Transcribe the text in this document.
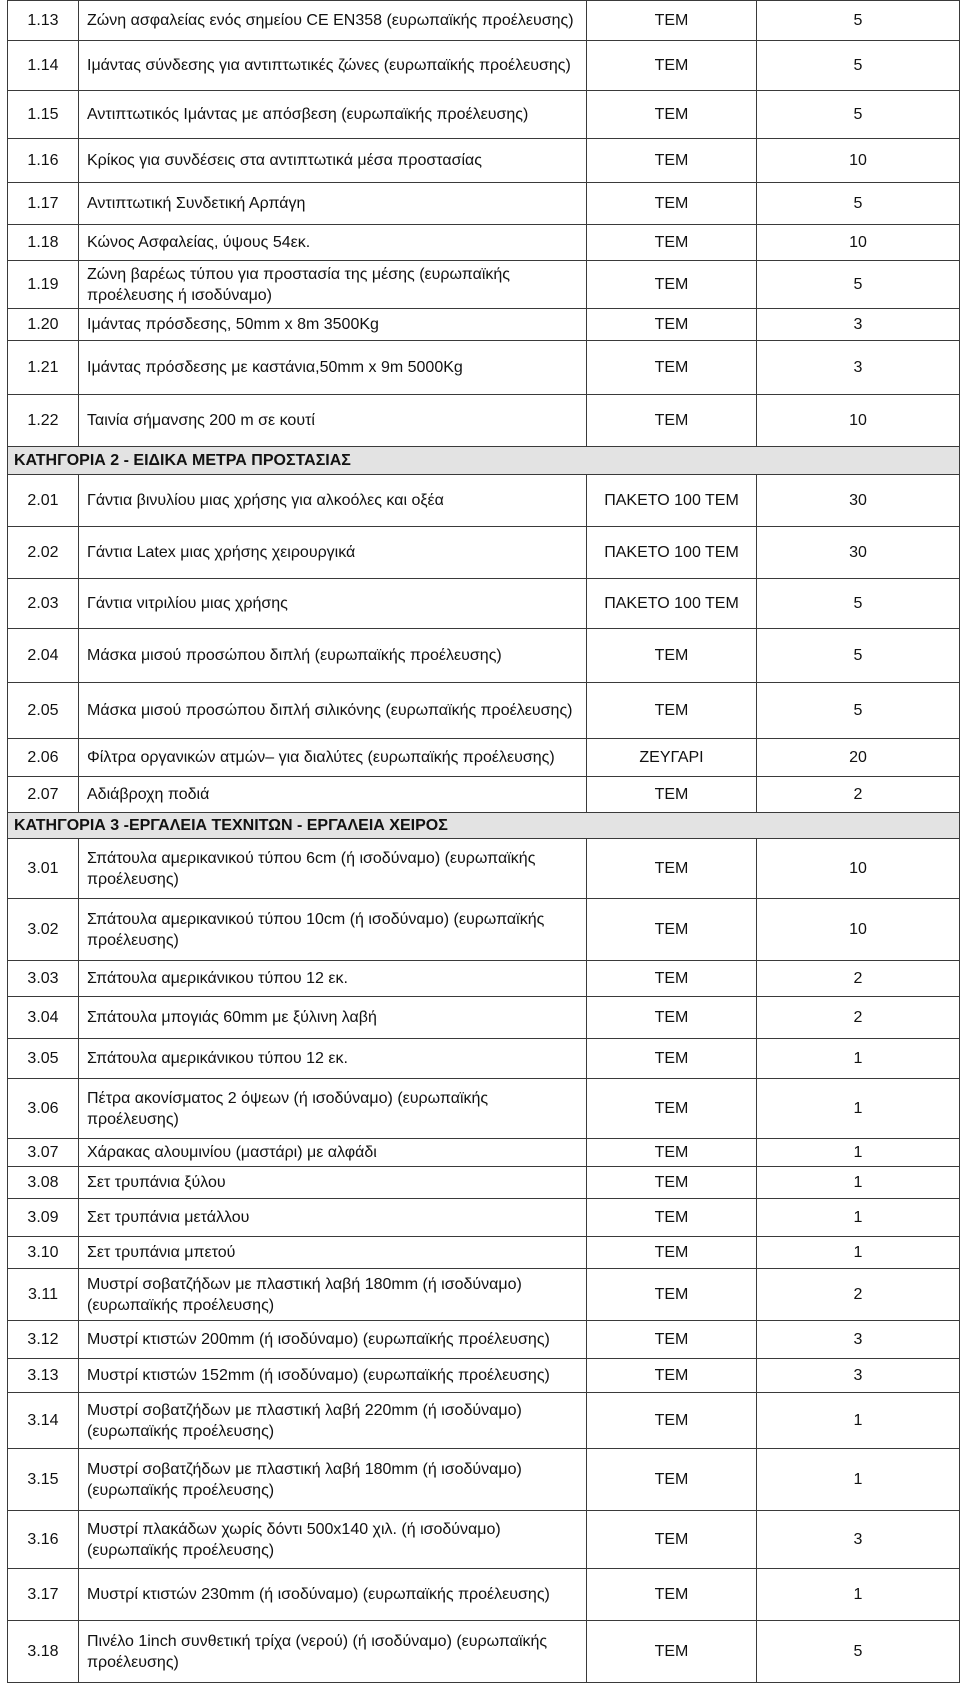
1.13	Ζώνη ασφαλείας ενός σημείου CE EN358 (ευρωπαϊκής προέλευσης)	ΤΕΜ	5
1.14	Ιμάντας σύνδεσης για αντιπτωτικές ζώνες (ευρωπαϊκής προέλευσης)	ΤΕΜ	5
1.15	Αντιπτωτικός Ιμάντας με απόσβεση (ευρωπαϊκής προέλευσης)	ΤΕΜ	5
1.16	Κρίκος για συνδέσεις στα αντιπτωτικά μέσα προστασίας	ΤΕΜ	10
1.17	Αντιπτωτική Συνδετική Αρπάγη	ΤΕΜ	5
1.18	Κώνος Ασφαλείας, ύψους 54εκ.	ΤΕΜ	10
1.19	Ζώνη βαρέως τύπου για προστασία της μέσης (ευρωπαϊκής προέλευσης ή ισοδύναμο)	ΤΕΜ	5
1.20	Ιμάντας πρόσδεσης, 50mm x 8m 3500Kg	ΤΕΜ	3
1.21	Ιμάντας πρόσδεσης με καστάνια,50mm x 9m 5000Kg	ΤΕΜ	3
1.22	Ταινία σήμανσης 200 m σε κουτί	ΤΕΜ	10
ΚΑΤΗΓΟΡΙΑ 2 - ΕΙΔΙΚΑ ΜΕΤΡΑ ΠΡΟΣΤΑΣΙΑΣ			
2.01	Γάντια βινυλίου μιας χρήσης για αλκοόλες και οξέα	ΠΑΚΕΤΟ 100 ΤΕΜ	30
2.02	Γάντια Latex μιας χρήσης χειρουργικά	ΠΑΚΕΤΟ 100 ΤΕΜ	30
2.03	Γάντια νιτριλίου μιας χρήσης	ΠΑΚΕΤΟ 100 ΤΕΜ	5
2.04	Μάσκα μισού προσώπου διπλή (ευρωπαϊκής προέλευσης)	ΤΕΜ	5
2.05	Μάσκα μισού προσώπου διπλή σιλικόνης (ευρωπαϊκής προέλευσης)	ΤΕΜ	5
2.06	Φίλτρα οργανικών ατμών– για διαλύτες (ευρωπαϊκής προέλευσης)	ΖΕΥΓΑΡΙ	20
2.07	Αδιάβροχη ποδιά	ΤΕΜ	2
ΚΑΤΗΓΟΡΙΑ 3 -ΕΡΓΑΛΕΙΑ ΤΕΧΝΙΤΩΝ - ΕΡΓΑΛΕΙΑ ΧΕΙΡΟΣ			
3.01	Σπάτουλα αμερικανικού τύπου 6cm (ή ισοδύναμο) (ευρωπαϊκής προέλευσης)	ΤΕΜ	10
3.02	Σπάτουλα αμερικανικού τύπου 10cm (ή ισοδύναμο) (ευρωπαϊκής προέλευσης)	ΤΕΜ	10
3.03	Σπάτουλα αμερικάνικου τύπου 12 εκ.	ΤΕΜ	2
3.04	Σπάτουλα μπογιάς 60mm με ξύλινη λαβή	ΤΕΜ	2
3.05	Σπάτουλα αμερικάνικου τύπου 12 εκ.	ΤΕΜ	1
3.06	Πέτρα ακονίσματος 2 όψεων (ή ισοδύναμο) (ευρωπαϊκής προέλευσης)	ΤΕΜ	1
3.07	Χάρακας αλουμινίου (μαστάρι) με αλφάδι	ΤΕΜ	1
3.08	Σετ τρυπάνια ξύλου	ΤΕΜ	1
3.09	Σετ τρυπάνια μετάλλου	ΤΕΜ	1
3.10	Σετ τρυπάνια μπετού	ΤΕΜ	1
3.11	Μυστρί σοβατζήδων με πλαστική λαβή 180mm (ή ισοδύναμο) (ευρωπαϊκής προέλευσης)	ΤΕΜ	2
3.12	Μυστρί κτιστών 200mm (ή ισοδύναμο) (ευρωπαϊκής προέλευσης)	ΤΕΜ	3
3.13	Μυστρί κτιστών 152mm (ή ισοδύναμο) (ευρωπαϊκής προέλευσης)	ΤΕΜ	3
3.14	Μυστρί σοβατζήδων με πλαστική λαβή 220mm (ή ισοδύναμο) (ευρωπαϊκής προέλευσης)	ΤΕΜ	1
3.15	Μυστρί σοβατζήδων με πλαστική λαβή 180mm (ή ισοδύναμο) (ευρωπαϊκής προέλευσης)	ΤΕΜ	1
3.16	Μυστρί πλακάδων χωρίς δόντι 500x140 χιλ. (ή ισοδύναμο) (ευρωπαϊκής προέλευσης)	ΤΕΜ	3
3.17	Μυστρί κτιστών 230mm (ή ισοδύναμο) (ευρωπαϊκής προέλευσης)	ΤΕΜ	1
3.18	Πινέλο 1inch συνθετική τρίχα (νερού) (ή ισοδύναμο) (ευρωπαϊκής προέλευσης)	ΤΕΜ	5
